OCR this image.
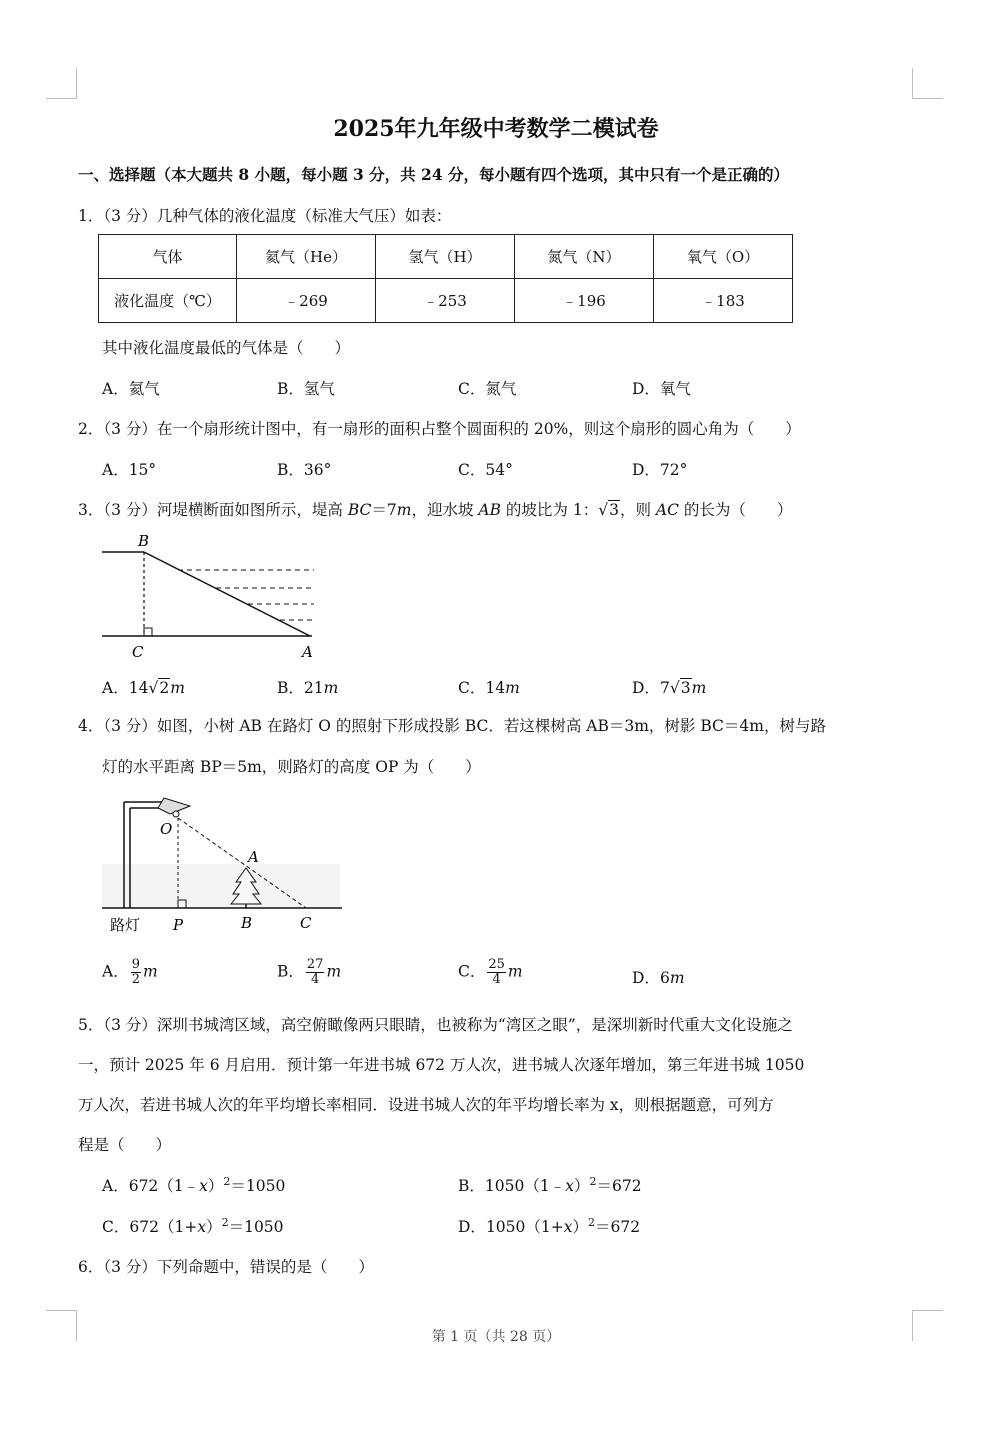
2025年九年级中考数学二模试卷
一、选择题（本大题共 8 小题，每小题 3 分，共 24 分，每小题有四个选项，其中只有一个是正确的）
1．（3 分）几种气体的液化温度（标准大气压）如表：
气体	氦气（He）	氢气（H）	氮气（N）	氧气（O）
液化温度（℃）	﹣269	﹣253	﹣196	﹣183
其中液化温度最低的气体是（　　）
A．氦气	B．氢气	C．氮气	D．氧气
2．（3 分）在一个扇形统计图中，有一扇形的面积占整个圆面积的 20%，则这个扇形的圆心角为（　　）
A．15°	B．36°	C．54°	D．72°
3．（3 分）河堤横断面如图所示，堤高 BC＝7m，迎水坡 AB 的坡比为 1：√3，则 AC 的长为（　　）
B
C	A
A．14√2m	B．21m	C．14m	D．7√3m
4．（3 分）如图，小树 AB 在路灯 O 的照射下形成投影 BC．若这棵树高 AB＝3m，树影 BC＝4m，树与路
灯的水平距离 BP＝5m，则路灯的高度 OP 为（　　）
O
A
路灯 P	B	C
A． $\frac{9}{2}$ m	B． $\frac{27}{4}$ m	C． $\frac{25}{4}$ m	D．6m
5．（3 分）深圳书城湾区域，高空俯瞰像两只眼睛，也被称为“湾区之眼”，是深圳新时代重大文化设施之
一，预计 2025 年 6 月启用．预计第一年进书城 672 万人次，进书城人次逐年增加，第三年进书城 1050
万人次，若进书城人次的年平均增长率相同．设进书城人次的年平均增长率为 x，则根据题意，可列方
程是（　　）
A．672（1﹣x）$^2$＝1050	B．1050（1﹣x）$^2$＝672
C．$672(1+x)^2=1050$	D．$1050(1+x)^2=672$
6．（3 分）下列命题中，错误的是（　　）
第 1 页（共 28 页）
